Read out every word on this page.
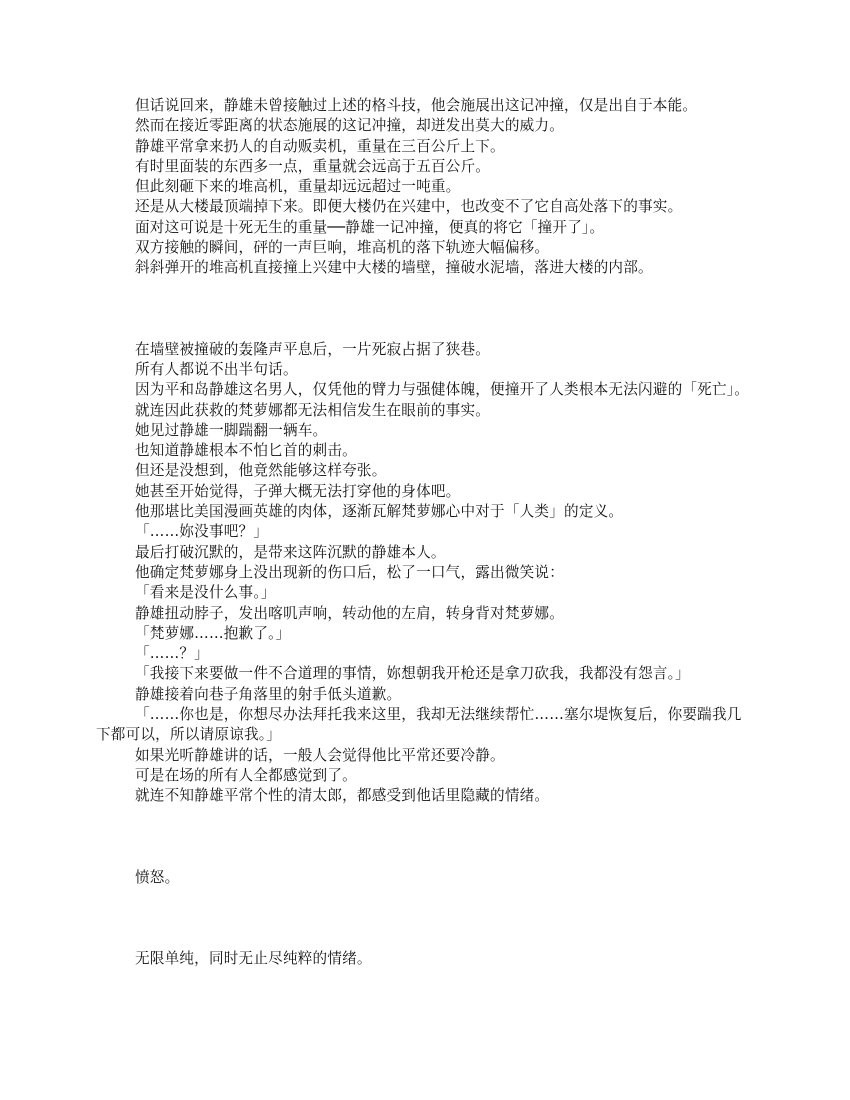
但话说回来，静雄未曾接触过上述的格斗技，他会施展出这记冲撞，仅是出自于本能。

然而在接近零距离的状态施展的这记冲撞，却迸发出莫大的威力。

静雄平常拿来扔人的自动贩卖机，重量在三百公斤上下。

有时里面装的东西多一点，重量就会远高于五百公斤。

但此刻砸下来的堆高机，重量却远远超过一吨重。

还是从大楼最顶端掉下来。即便大楼仍在兴建中，也改变不了它自高处落下的事实。

面对这可说是十死无生的重量──静雄一记冲撞，便真的将它「撞开了」。

双方接触的瞬间，砰的一声巨响，堆高机的落下轨迹大幅偏移。

斜斜弹开的堆高机直接撞上兴建中大楼的墙壁，撞破水泥墙，落进大楼的内部。

在墙壁被撞破的轰隆声平息后，一片死寂占据了狭巷。

所有人都说不出半句话。

因为平和岛静雄这名男人，仅凭他的臂力与强健体魄，便撞开了人类根本无法闪避的「死亡」。

就连因此获救的梵萝娜都无法相信发生在眼前的事实。

她见过静雄一脚踹翻一辆车。

也知道静雄根本不怕匕首的刺击。

但还是没想到，他竟然能够这样夸张。

她甚至开始觉得，子弹大概无法打穿他的身体吧。

他那堪比美国漫画英雄的肉体，逐渐瓦解梵萝娜心中对于「人类」的定义。

「……妳没事吧？」

最后打破沉默的，是带来这阵沉默的静雄本人。

他确定梵萝娜身上没出现新的伤口后，松了一口气，露出微笑说：

「看来是没什么事。」

静雄扭动脖子，发出喀叽声响，转动他的左肩，转身背对梵萝娜。

「梵萝娜……抱歉了。」

「……？」

「我接下来要做一件不合道理的事情，妳想朝我开枪还是拿刀砍我，我都没有怨言。」

静雄接着向巷子角落里的射手低头道歉。

「……你也是，你想尽办法拜托我来这里，我却无法继续帮忙……塞尔堤恢复后，你要踹我几下都可以，所以请原谅我。」

如果光听静雄讲的话，一般人会觉得他比平常还要冷静。

可是在场的所有人全都感觉到了。

就连不知静雄平常个性的清太郎，都感受到他话里隐藏的情绪。

愤怒。

无限单纯，同时无止尽纯粹的情绪。
